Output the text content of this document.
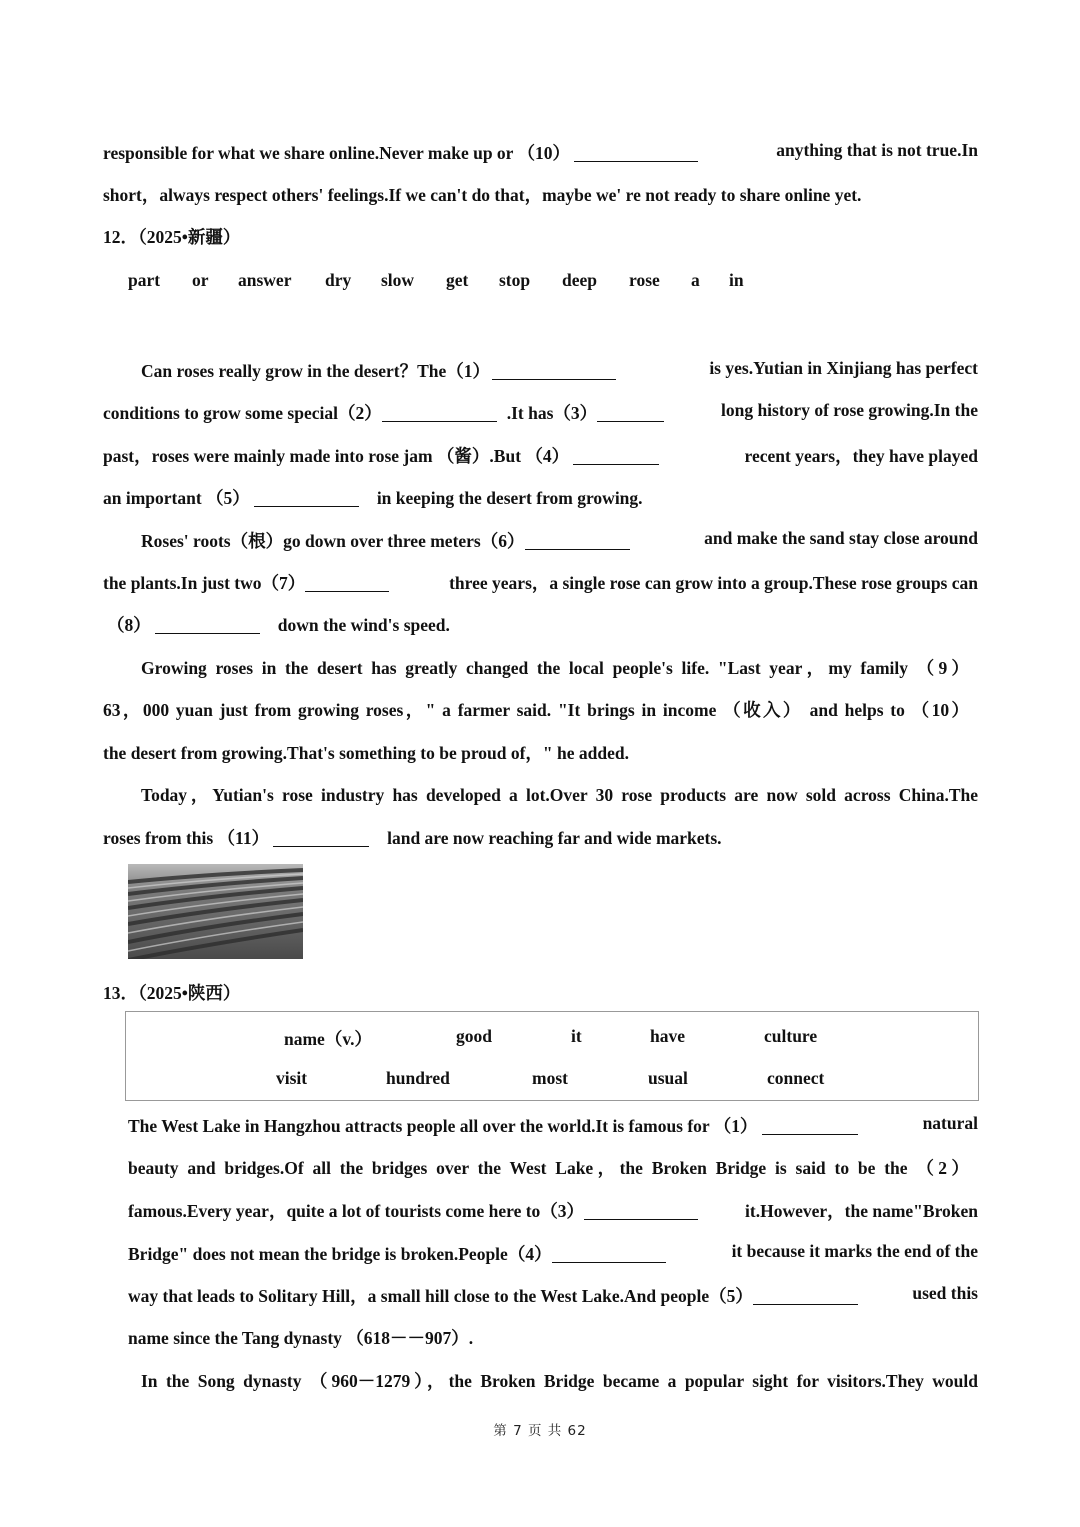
responsible for what we share online.Never make up or （10）	anything that is not true.In
short，always respect others' feelings.If we can't do that，maybe we' re not ready to share online yet.
12．（2025•新疆）
part or answer dry slow get stop deep rose a in
Can roses really grow in the desert？The（1）	is yes.Yutian in Xinjiang has perfect
conditions to grow some special（2）	.It has（3）	long history of rose growing.In the
past，roses were mainly made into rose jam （酱）.But （4）	recent years，they have played
an important （5）	in keeping the desert from growing.
Roses' roots（根）go down over three meters（6）	and make the sand stay close around
the plants.In just two（7）	three years，a single rose can grow into a group.These rose groups can
（8）	down the wind's speed.
Growing roses in the desert has greatly changed the local people's life. "Last year，my family （9）
63，000 yuan just from growing roses，" a farmer said. "It brings in income （收入） and helps to （10）
the desert from growing.That's something to be proud of，" he added.
Today，Yutian's rose industry has developed a lot.Over 30 rose products are now sold across China.The
roses from this （11）	land are now reaching far and wide markets.
13．（2025•陕西）
name（v.）	good	it	have	culture
visit	hundred	most	usual	connect
The West Lake in Hangzhou attracts people all over the world.It is famous for （1）	natural
beauty and bridges.Of all the bridges over the West Lake，the Broken Bridge is said to be the （2）
famous.Every year，quite a lot of tourists come here to（3）	it.However，the name"Broken
Bridge" does not mean the bridge is broken.People（4）	it because it marks the end of the
way that leads to Solitary Hill，a small hill close to the West Lake.And people（5）	used this
name since the Tang dynasty （618－－907）.
In the Song dynasty （960－1279），the Broken Bridge became a popular sight for visitors.They would
第 7 页 共 62
